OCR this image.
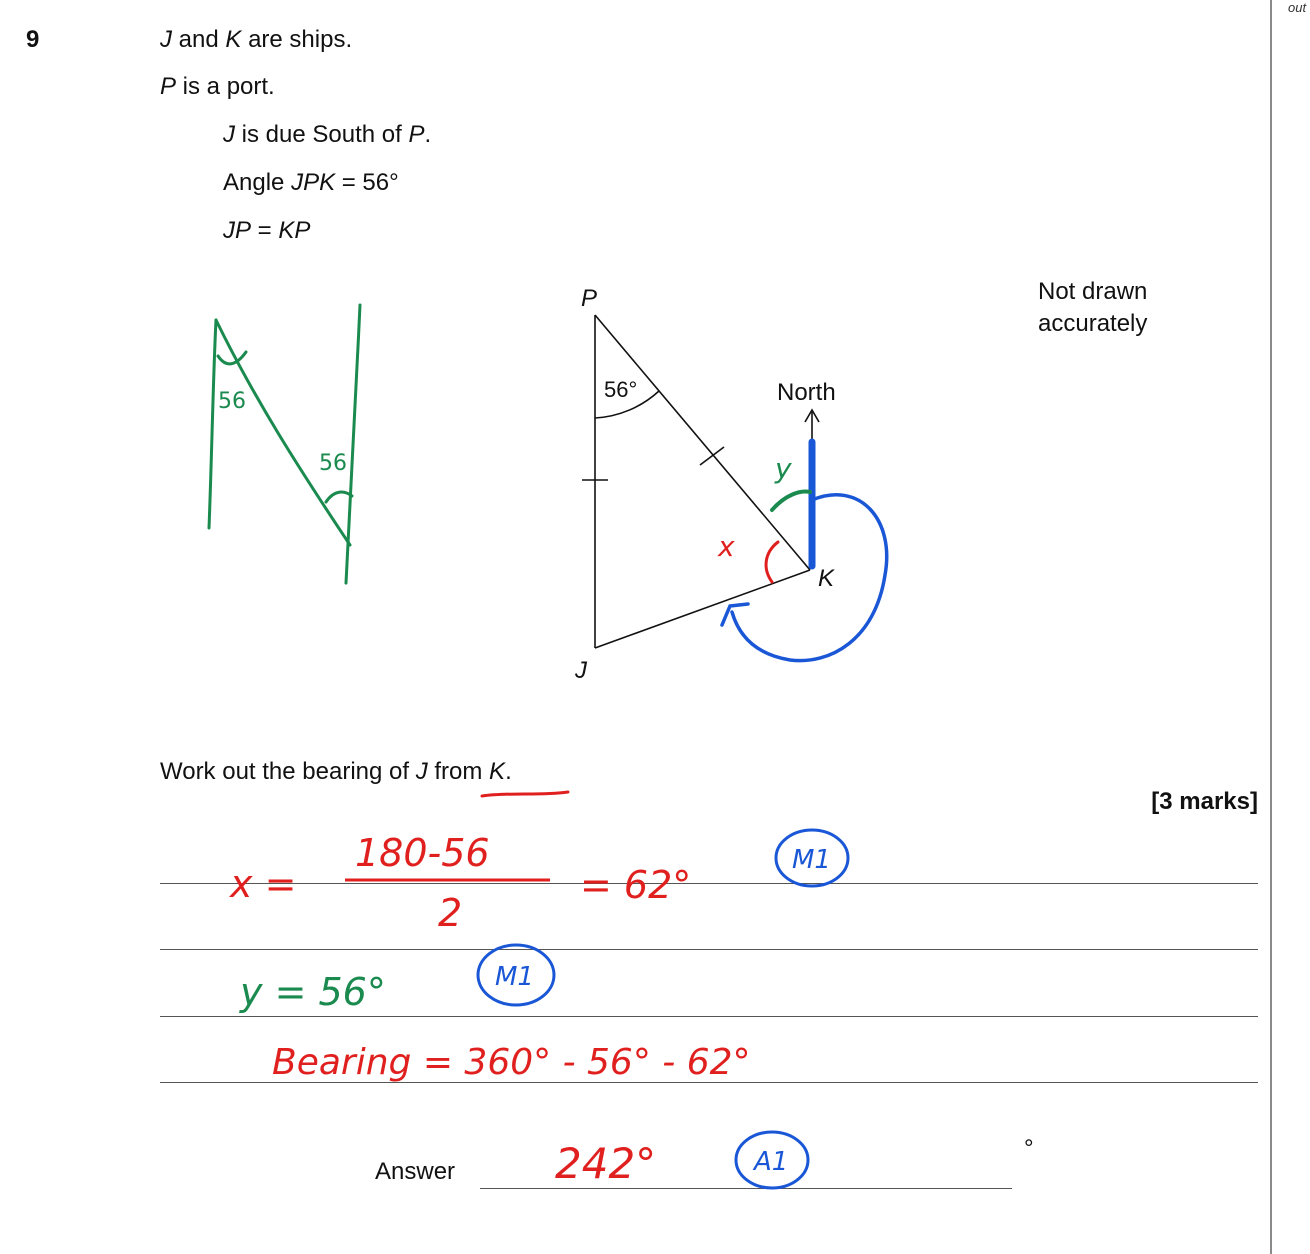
out
9	J and K are ships.
P is a port.
J is due South of P.
Angle JPK = 56°
JP = KP
Not drawn accurately
Work out the bearing of J from K.
[3 marks]
Answer
°
56
56
P
J
K
56°	North
y
x
x =
180-56
2
= 62°
M1
y = 56°	M1
Bearing = 360° - 56° - 62°
242°	A1
